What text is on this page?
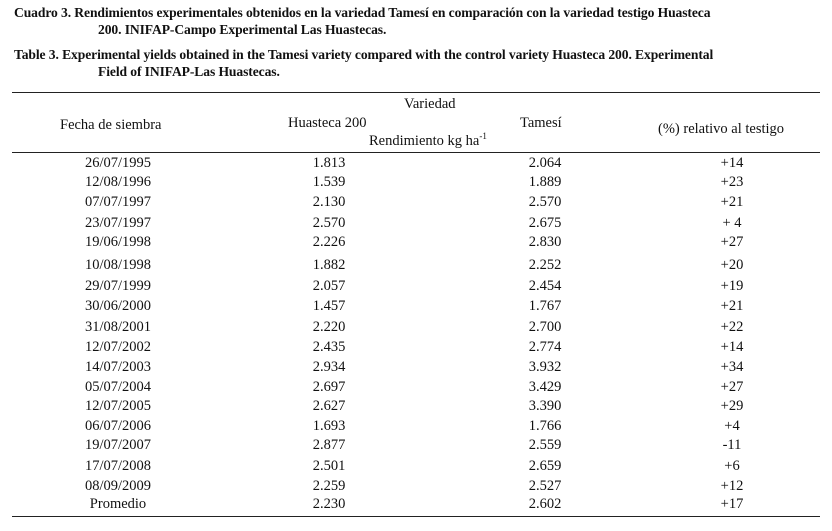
Cuadro 3. Rendimientos experimentales obtenidos en la variedad Tamesí en comparación con la variedad testigo Huasteca
200. INIFAP-Campo Experimental Las Huastecas.
Table 3. Experimental yields obtained in the Tamesi variety compared with the control variety Huasteca 200. Experimental
Field of INIFAP-Las Huastecas.
Variedad
Fecha de siembra	Huasteca 200	Tamesí	(%) relativo al testigo
Rendimiento kg $ha^{-1}$
26/07/1995	1.813	2.064	+14
12/08/1996	1.539	1.889	+23
07/07/1997	2.130	2.570	+21
23/07/1997	2.570	2.675	+ 4
19/06/1998	2.226	2.830	+27
10/08/1998	1.882	2.252	+20
29/07/1999	2.057	2.454	+19
30/06/2000	1.457	1.767	+21
31/08/2001	2.220	2.700	+22
12/07/2002	2.435	2.774	+14
14/07/2003	2.934	3.932	+34
05/07/2004	2.697	3.429	+27
12/07/2005	2.627	3.390	+29
06/07/2006	1.693	1.766	+4
19/07/2007	2.877	2.559	-11
17/07/2008	2.501	2.659	+6
08/09/2009	2.259	2.527	+12
Promedio	2.230	2.602	+17
